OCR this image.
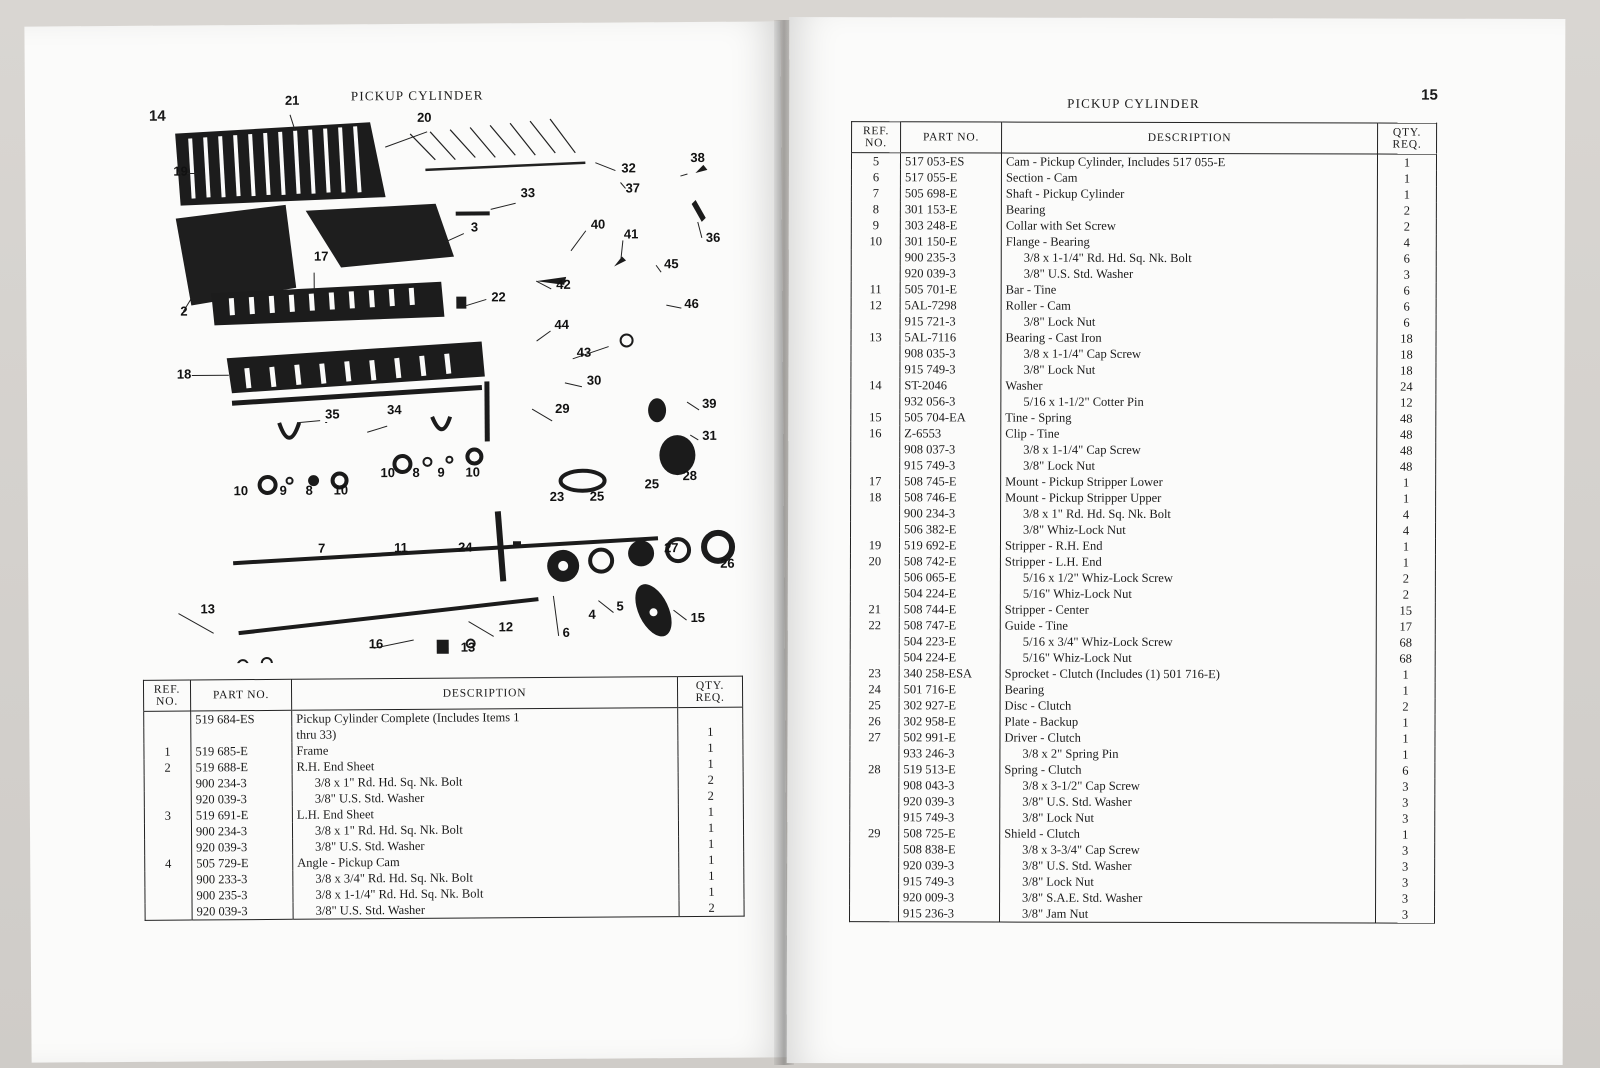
14
PICKUP CYLINDER
21
20
19	32
33
38
37
36
3	40
41
45
17
2
22
42
46
44
43
18	30
35	34	39
29
31
10 9 8 10
10 8 9 10	28
25
25
23
7	24	27
26
11
13
12	6
5
15
16	13
4
REF. NO.	PART NO.	DESCRIPTION	QTY. REQ.
	519 684-ES	Pickup Cylinder Complete (Includes Items 1	
		thru 33)	1
1	519 685-E	Frame	1
2	519 688-E	R.H. End Sheet	1
	900 234-3	3/8 x 1" Rd. Hd. Sq. Nk. Bolt	2
	920 039-3	3/8" U.S. Std. Washer	2
3	519 691-E	L.H. End Sheet	1
	900 234-3	3/8 x 1" Rd. Hd. Sq. Nk. Bolt	1
	920 039-3	3/8" U.S. Std. Washer	1
4	505 729-E	Angle - Pickup Cam	1
	900 233-3	3/8 x 3/4" Rd. Hd. Sq. Nk. Bolt	1
	900 235-3	3/8 x 1-1/4" Rd. Hd. Sq. Nk. Bolt	1
	920 039-3	3/8" U.S. Std. Washer	2
PICKUP CYLINDER	15
REF. NO.	PART NO.	DESCRIPTION	QTY. REQ.
5	517 053-ES	Cam - Pickup Cylinder, Includes 517 055-E	1
6	517 055-E	Section - Cam	1
7	505 698-E	Shaft - Pickup Cylinder	1
8	301 153-E	Bearing	2
9	303 248-E	Collar with Set Screw	2
10	301 150-E	Flange - Bearing	4
	900 235-3	3/8 x 1-1/4" Rd. Hd. Sq. Nk. Bolt	6
	920 039-3	3/8" U.S. Std. Washer	3
11	505 701-E	Bar - Tine	6
12	5AL-7298	Roller - Cam	6
	915 721-3	3/8" Lock Nut	6
13	5AL-7116	Bearing - Cast Iron	18
	908 035-3	3/8 x 1-1/4" Cap Screw	18
	915 749-3	3/8" Lock Nut	18
14	ST-2046	Washer	24
	932 056-3	5/16 x 1-1/2" Cotter Pin	12
15	505 704-EA	Tine - Spring	48
16	Z-6553	Clip - Tine	48
	908 037-3	3/8 x 1-1/4" Cap Screw	48
	915 749-3	3/8" Lock Nut	48
17	508 745-E	Mount - Pickup Stripper Lower	1
18	508 746-E	Mount - Pickup Stripper Upper	1
	900 234-3	3/8 x 1" Rd. Hd. Sq. Nk. Bolt	4
	506 382-E	3/8" Whiz-Lock Nut	4
19	519 692-E	Stripper - R.H. End	1
20	508 742-E	Stripper - L.H. End	1
	506 065-E	5/16 x 1/2" Whiz-Lock Screw	2
	504 224-E	5/16" Whiz-Lock Nut	2
21	508 744-E	Stripper - Center	15
22	508 747-E	Guide - Tine	17
	504 223-E	5/16 x 3/4" Whiz-Lock Screw	68
	504 224-E	5/16" Whiz-Lock Nut	68
23	340 258-ESA	Sprocket - Clutch (Includes (1) 501 716-E)	1
24	501 716-E	Bearing	1
25	302 927-E	Disc - Clutch	2
26	302 958-E	Plate - Backup	1
27	502 991-E	Driver - Clutch	1
	933 246-3	3/8 x 2" Spring Pin	1
28	519 513-E	Spring - Clutch	6
	908 043-3	3/8 x 3-1/2" Cap Screw	3
	920 039-3	3/8" U.S. Std. Washer	3
	915 749-3	3/8" Lock Nut	3
29	508 725-E	Shield - Clutch	1
	508 838-E	3/8 x 3-3/4" Cap Screw	3
	920 039-3	3/8" U.S. Std. Washer	3
	915 749-3	3/8" Lock Nut	3
	920 009-3	3/8" S.A.E. Std. Washer	3
	915 236-3	3/8" Jam Nut	3
